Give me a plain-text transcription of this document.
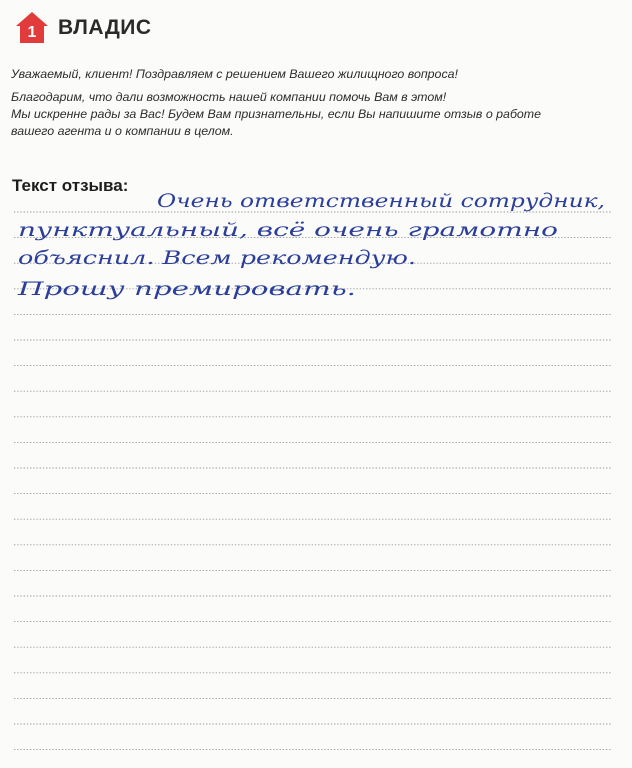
1 ВЛАДИС

Уважаемый, клиент! Поздравляем с решением Вашего жилищного вопроса!

Благодарим, что дали возможность нашей компании помочь Вам в этом!
Мы искренне рады за Вас! Будем Вам признательны, если Вы напишите отзыв о работе
вашего агента и о компании в целом.

Текст отзыва:
Очень ответственный сотрудник,
пунктуальный, всё очень грамотно
объяснил. Всем рекомендую.
Прошу премировать.
